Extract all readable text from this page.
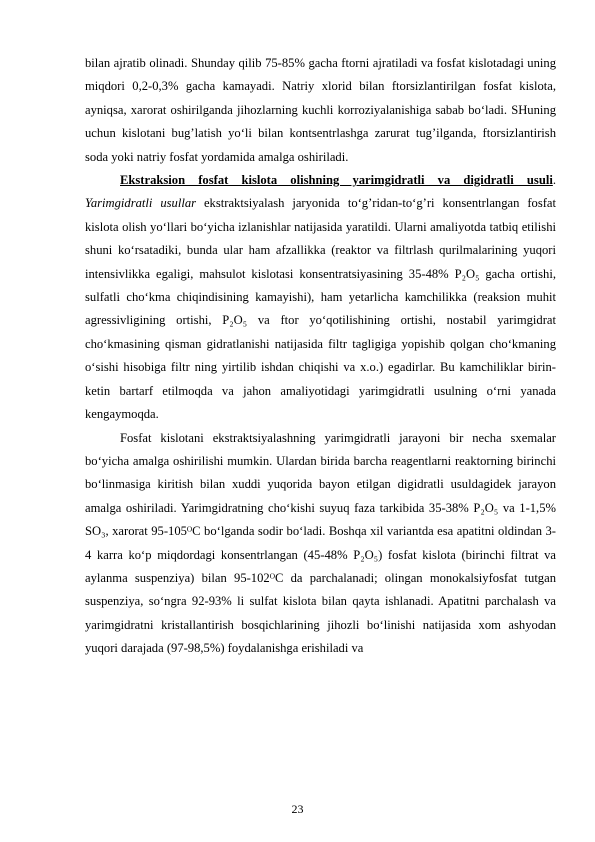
bilan ajratib olinadi. Shunday qilib 75-85% gacha ftorni ajratiladi va fosfat kislotadagi uning miqdori 0,2-0,3% gacha kamayadi. Natriy xlorid bilan ftorsizlantirilgan fosfat kislota, ayniqsa, xarorat oshirilganda jihozlarning kuchli korroziyalanishiga sabab bo‘ladi. SHuning uchun kislotani bug’latish yo‘li bilan kontsentrlashga zarurat tug’ilganda, ftorsizlantirish soda yoki natriy fosfat yordamida amalga oshiriladi.

Ekstraksion fosfat kislota olishning yarimgidratli va digidratli usuli. Yarimgidratli usullar ekstraktsiyalash jaryonida to‘g’ridan-to‘g’ri konsentrlangan fosfat kislota olish yo‘llari bo‘yicha izlanishlar natijasida yaratildi. Ularni amaliyotda tatbiq etilishi shuni ko‘rsatadiki, bunda ular ham afzallikka (reaktor va filtrlash qurilmalarining yuqori intensivlikka egaligi, mahsulot kislotasi konsentratsiyasining 35-48% P₂O₅ gacha ortishi, sulfatli cho‘kma chiqindisining kamayishi), ham yetarlicha kamchilikka (reaksion muhit agressivligining ortishi, P₂O₅ va ftor yo‘qotilishining ortishi, nostabil yarimgidrat cho‘kmasining qisman gidratlanishi natijasida filtr tagligiga yopishib qolgan cho‘kmaning o‘sishi hisobiga filtr ning yirtilib ishdan chiqishi va x.o.) egadirlar. Bu kamchiliklar birin-ketin bartarf etilmoqda va jahon amaliyotidagi yarimgidratli usulning o‘rni yanada kengaymoqda.

Fosfat kislotani ekstraktsiyalashning yarimgidratli jarayoni bir necha sxemalar bo‘yicha amalga oshirilishi mumkin. Ulardan birida barcha reagentlarni reaktorning birinchi bo‘linmasiga kiritish bilan xuddi yuqorida bayon etilgan digidratli usuldagidek jarayon amalga oshiriladi. Yarimgidratning cho‘kishi suyuq faza tarkibida 35-38% P₂O₅ va 1-1,5% SO₃, xarorat 95-105ᴼC bo‘lganda sodir bo‘ladi. Boshqa xil variantda esa apatitni oldindan 3-4 karra ko‘p miqdordagi konsentrlangan (45-48% P₂O₅) fosfat kislota (birinchi filtrat va aylanma suspenziya) bilan 95-102ᴼC da parchalanadi; olingan monokalsiyfosfat tutgan suspenziya, so‘ngra 92-93% li sulfat kislota bilan qayta ishlanadi. Apatitni parchalash va yarimgidratni kristallantirish bosqichlarining jihozli bo‘linishi natijasida xom ashyodan yuqori darajada (97-98,5%) foydalanishga erishiladi va

23
